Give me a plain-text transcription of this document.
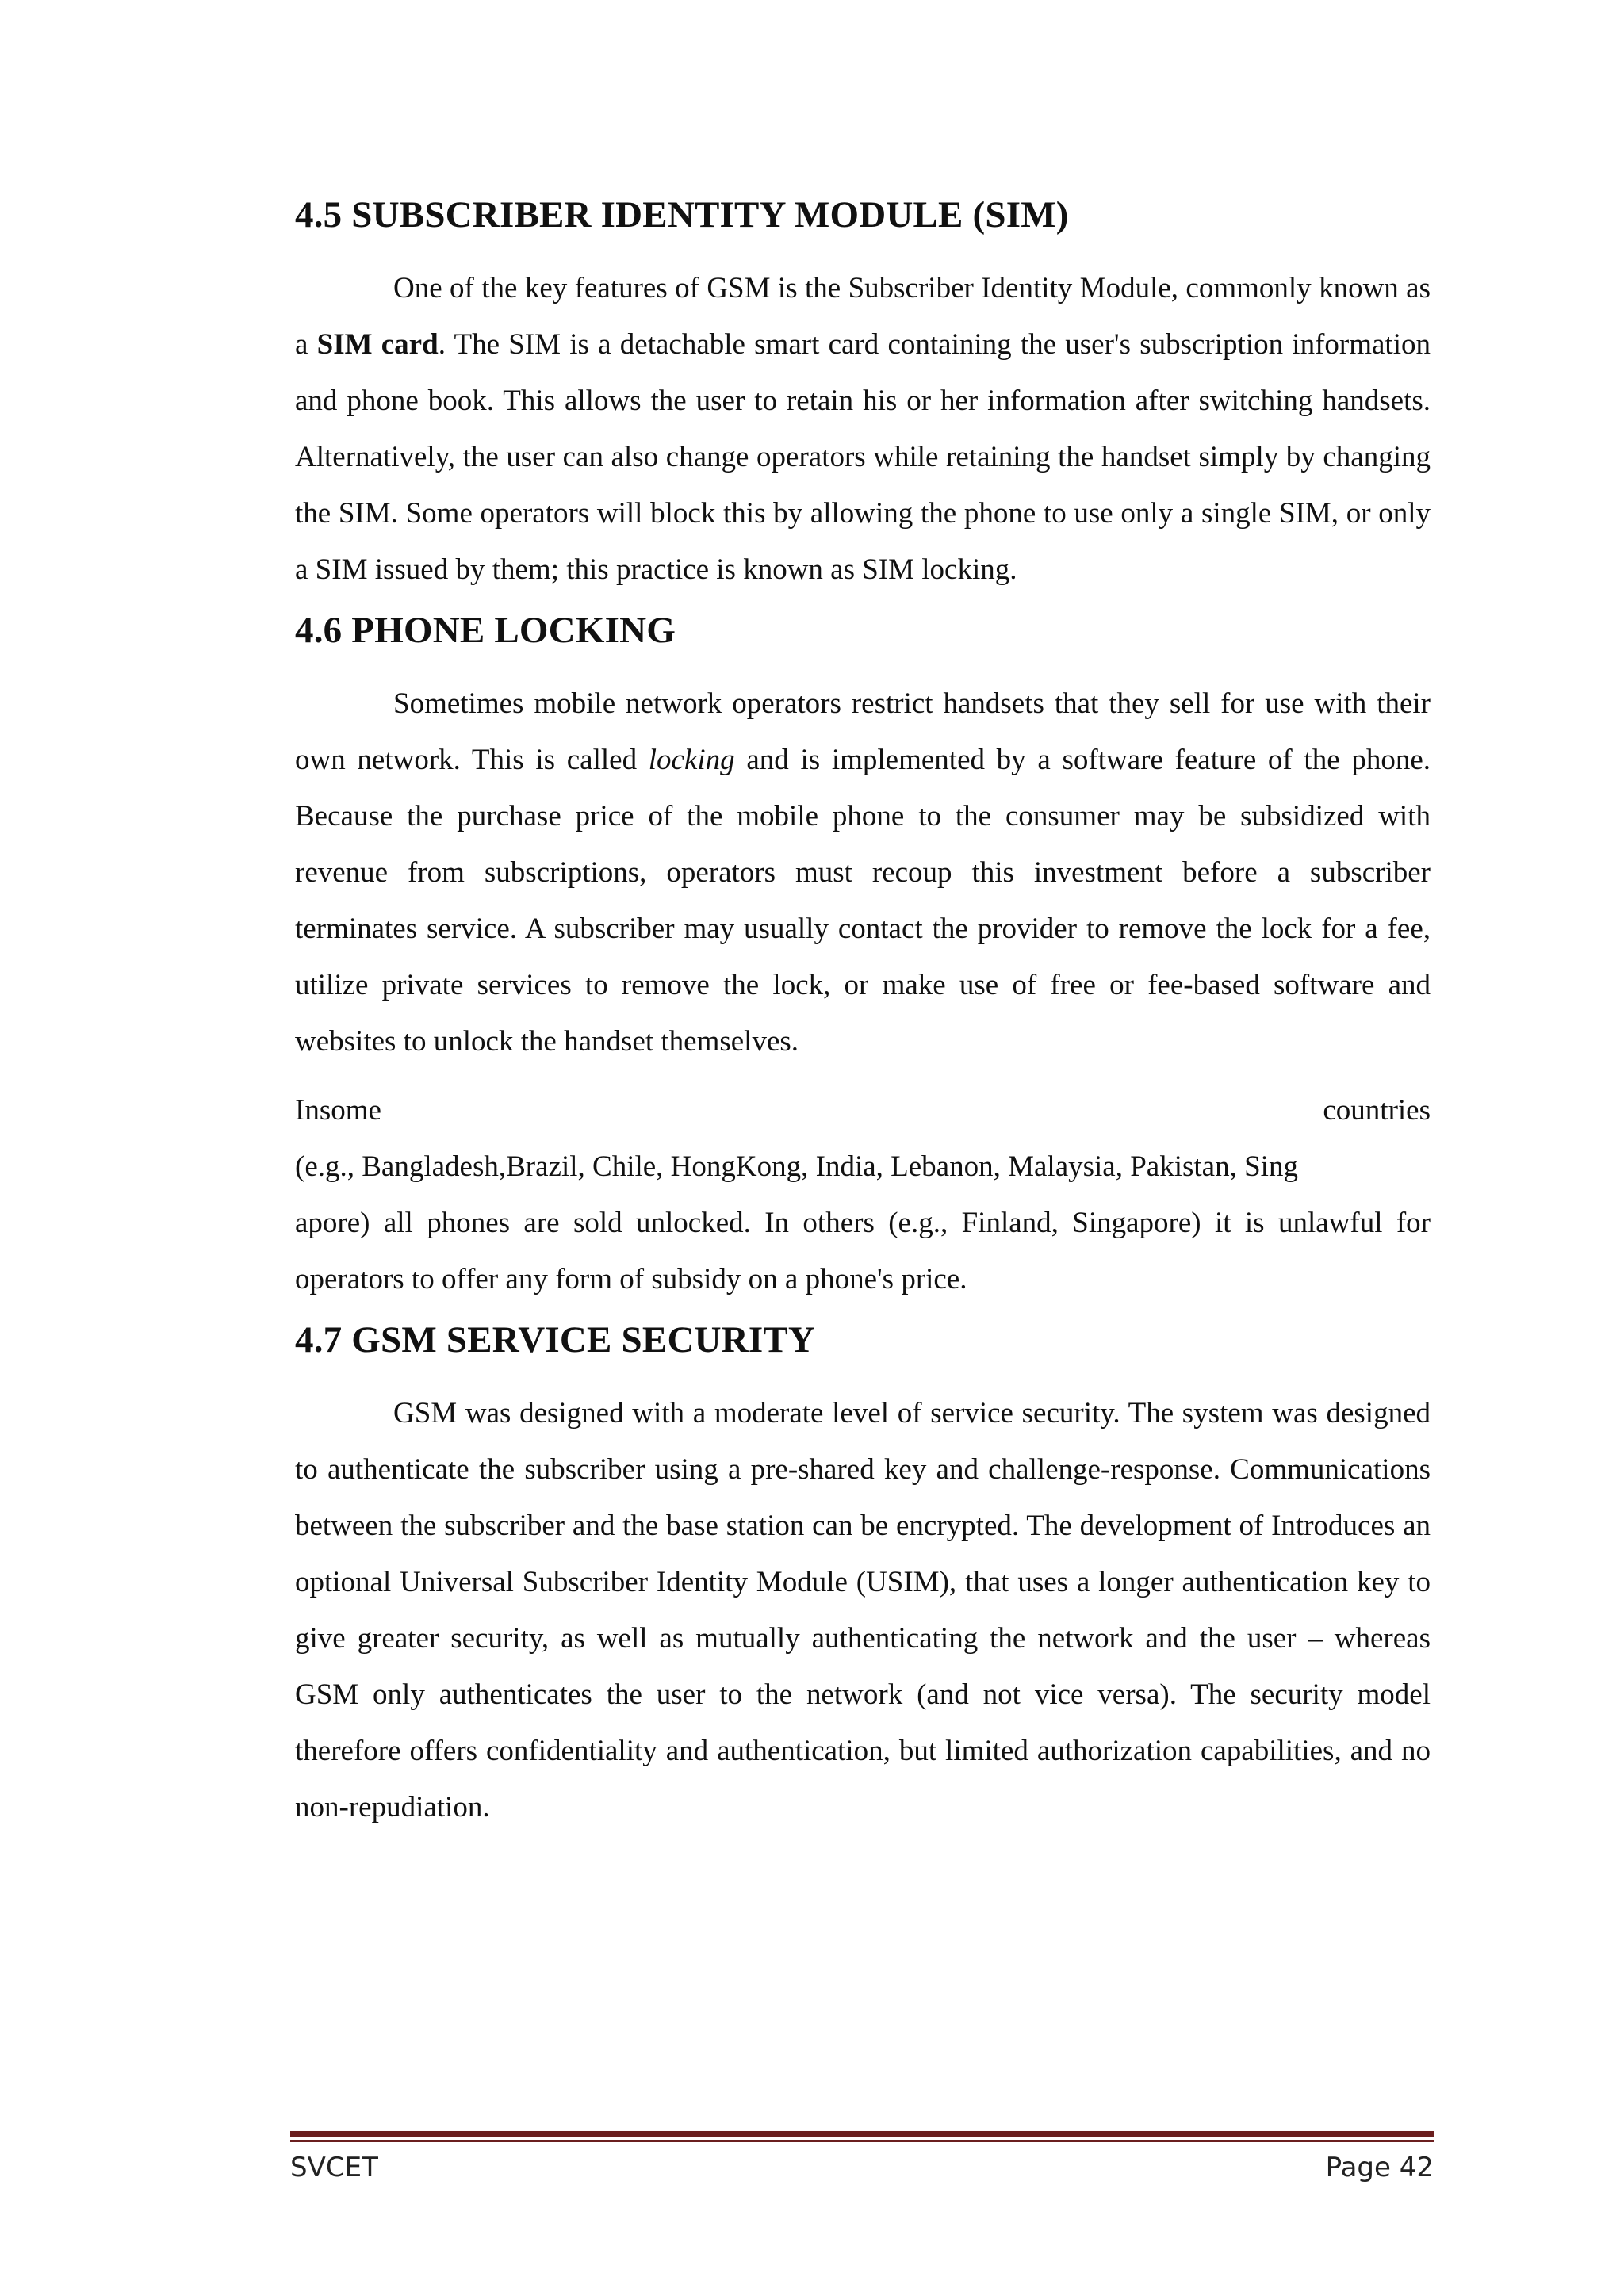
4.5 SUBSCRIBER IDENTITY MODULE (SIM)

One of the key features of GSM is the Subscriber Identity Module, commonly known as a SIM card. The SIM is a detachable smart card containing the user's subscription information and phone book. This allows the user to retain his or her information after switching handsets. Alternatively, the user can also change operators while retaining the handset simply by changing the SIM. Some operators will block this by allowing the phone to use only a single SIM, or only a SIM issued by them; this practice is known as SIM locking.

4.6 PHONE LOCKING

Sometimes mobile network operators restrict handsets that they sell for use with their own network. This is called locking and is implemented by a software feature of the phone. Because the purchase price of the mobile phone to the consumer may be subsidized with revenue from subscriptions, operators must recoup this investment before a subscriber terminates service. A subscriber may usually contact the provider to remove the lock for a fee, utilize private services to remove the lock, or make use of free or fee-based software and websites to unlock the handset themselves.

Insome	countries

(e.g., Bangladesh,Brazil, Chile, HongKong, India, Lebanon, Malaysia, Pakistan, Sing

apore) all phones are sold unlocked. In others (e.g., Finland, Singapore) it is unlawful for operators to offer any form of subsidy on a phone's price.

4.7 GSM SERVICE SECURITY

GSM was designed with a moderate level of service security. The system was designed to authenticate the subscriber using a pre-shared key and challenge-response. Communications between the subscriber and the base station can be encrypted. The development of Introduces an optional Universal Subscriber Identity Module (USIM), that uses a longer authentication key to give greater security, as well as mutually authenticating the network and the user – whereas GSM only authenticates the user to the network (and not vice versa). The security model therefore offers confidentiality and authentication, but limited authorization capabilities, and no non-repudiation.

SVCET	Page 42
